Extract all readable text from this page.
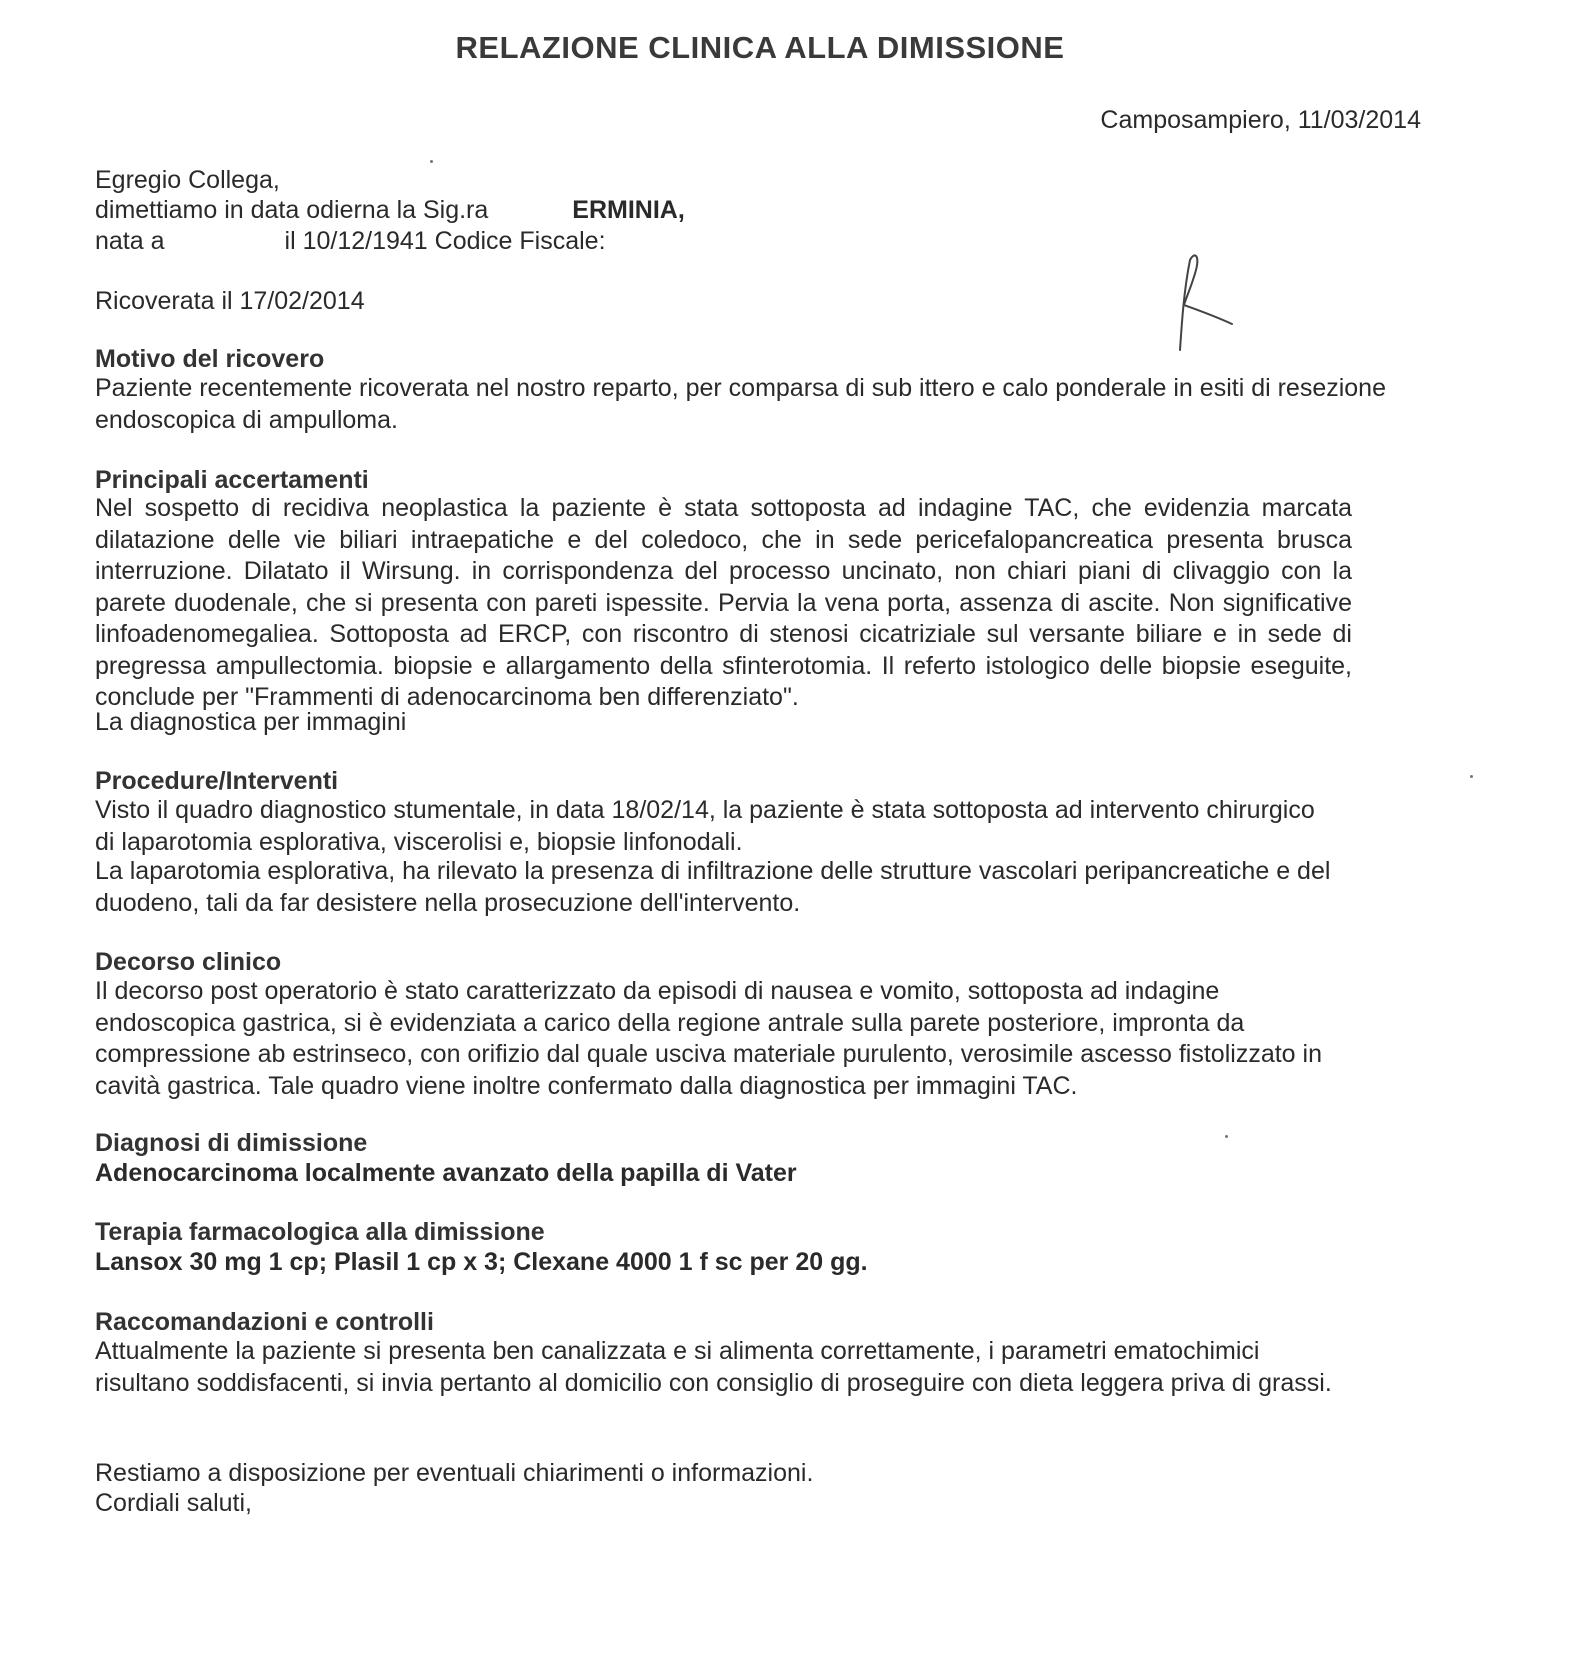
RELAZIONE CLINICA ALLA DIMISSIONE
Camposampiero, 11/03/2014
Egregio Collega,
dimettiamo in data odierna la Sig.ra	ERMINIA,
nata a	il 10/12/1941 Codice Fiscale:
Ricoverata il 17/02/2014
Motivo del ricovero

Paziente recentemente ricoverata nel nostro reparto, per comparsa di sub ittero e calo ponderale in esiti di resezione endoscopica di ampulloma.

Principali accertamenti

Nel sospetto di recidiva neoplastica la paziente è stata sottoposta ad indagine TAC, che evidenzia marcata dilatazione delle vie biliari intraepatiche e del coledoco, che in sede pericefalopancreatica presenta brusca interruzione. Dilatato il Wirsung. in corrispondenza del processo uncinato, non chiari piani di clivaggio con la parete duodenale, che si presenta con pareti ispessite. Pervia la vena porta, assenza di ascite. Non significative linfoadenomegaliea. Sottoposta ad ERCP, con riscontro di stenosi cicatriziale sul versante biliare e in sede di pregressa ampullectomia. biopsie e allargamento della sfinterotomia. Il referto istologico delle biopsie eseguite, conclude per "Frammenti di adenocarcinoma ben differenziato".

La diagnostica per immagini
Procedure/Interventi

Visto il quadro diagnostico stumentale, in data 18/02/14, la paziente è stata sottoposta ad intervento chirurgico di laparotomia esplorativa, viscerolisi e, biopsie linfonodali.

La laparotomia esplorativa, ha rilevato la presenza di infiltrazione delle strutture vascolari peripancreatiche e del duodeno, tali da far desistere nella prosecuzione dell'intervento.

Decorso clinico

Il decorso post operatorio è stato caratterizzato da episodi di nausea e vomito, sottoposta ad indagine endoscopica gastrica, si è evidenziata a carico della regione antrale sulla parete posteriore, impronta da compressione ab estrinseco, con orifizio dal quale usciva materiale purulento, verosimile ascesso fistolizzato in cavità gastrica. Tale quadro viene inoltre confermato dalla diagnostica per immagini TAC.

Diagnosi di dimissione
Adenocarcinoma localmente avanzato della papilla di Vater
Terapia farmacologica alla dimissione
Lansox 30 mg 1 cp; Plasil 1 cp x 3; Clexane 4000 1 f sc per 20 gg.
Raccomandazioni e controlli

Attualmente la paziente si presenta ben canalizzata e si alimenta correttamente, i parametri ematochimici risultano soddisfacenti, si invia pertanto al domicilio con consiglio di proseguire con dieta leggera priva di grassi.

Restiamo a disposizione per eventuali chiarimenti o informazioni.
Cordiali saluti,
